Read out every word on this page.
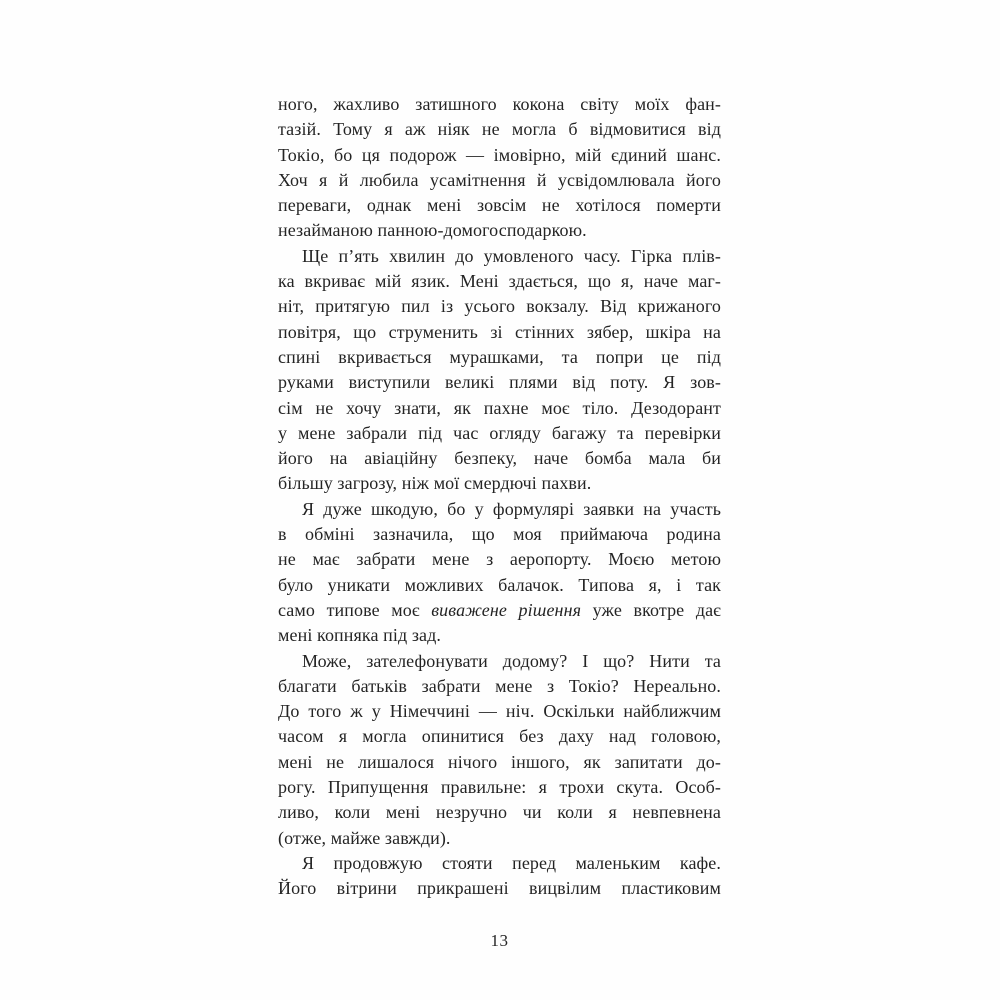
ного, жахливо затишного кокона світу моїх фан-
тазій. Тому я аж ніяк не могла б відмовитися від
Токіо, бо ця подорож — імовірно, мій єдиний шанс.
Хоч я й любила усамітнення й усвідомлювала його
переваги, однак мені зовсім не хотілося померти
незайманою панною-домогосподаркою.
Ще п’ять хвилин до умовленого часу. Гірка плів-
ка вкриває мій язик. Мені здається, що я, наче маг-
ніт, притягую пил із усього вокзалу. Від крижаного
повітря, що струменить зі стінних зябер, шкіра на
спині вкривається мурашками, та попри це під
руками виступили великі плями від поту. Я зов-
сім не хочу знати, як пахне моє тіло. Дезодорант
у мене забрали під час огляду багажу та перевірки
його на авіаційну безпеку, наче бомба мала би
більшу загрозу, ніж мої смердючі пахви.
Я дуже шкодую, бо у формулярі заявки на участь
в обміні зазначила, що моя приймаюча родина
не має забрати мене з аеропорту. Моєю метою
було уникати можливих балачок. Типова я, і так
само типове моє виважене рішення уже вкотре дає
мені копняка під зад.
Може, зателефонувати додому? І що? Нити та
благати батьків забрати мене з Токіо? Нереально.
До того ж у Німеччині — ніч. Оскільки найближчим
часом я могла опинитися без даху над головою,
мені не лишалося нічого іншого, як запитати до-
рогу. Припущення правильне: я трохи скута. Особ-
ливо, коли мені незручно чи коли я невпевнена
(отже, майже завжди).
Я продовжую стояти перед маленьким кафе.
Його вітрини прикрашені вицвілим пластиковим
13
